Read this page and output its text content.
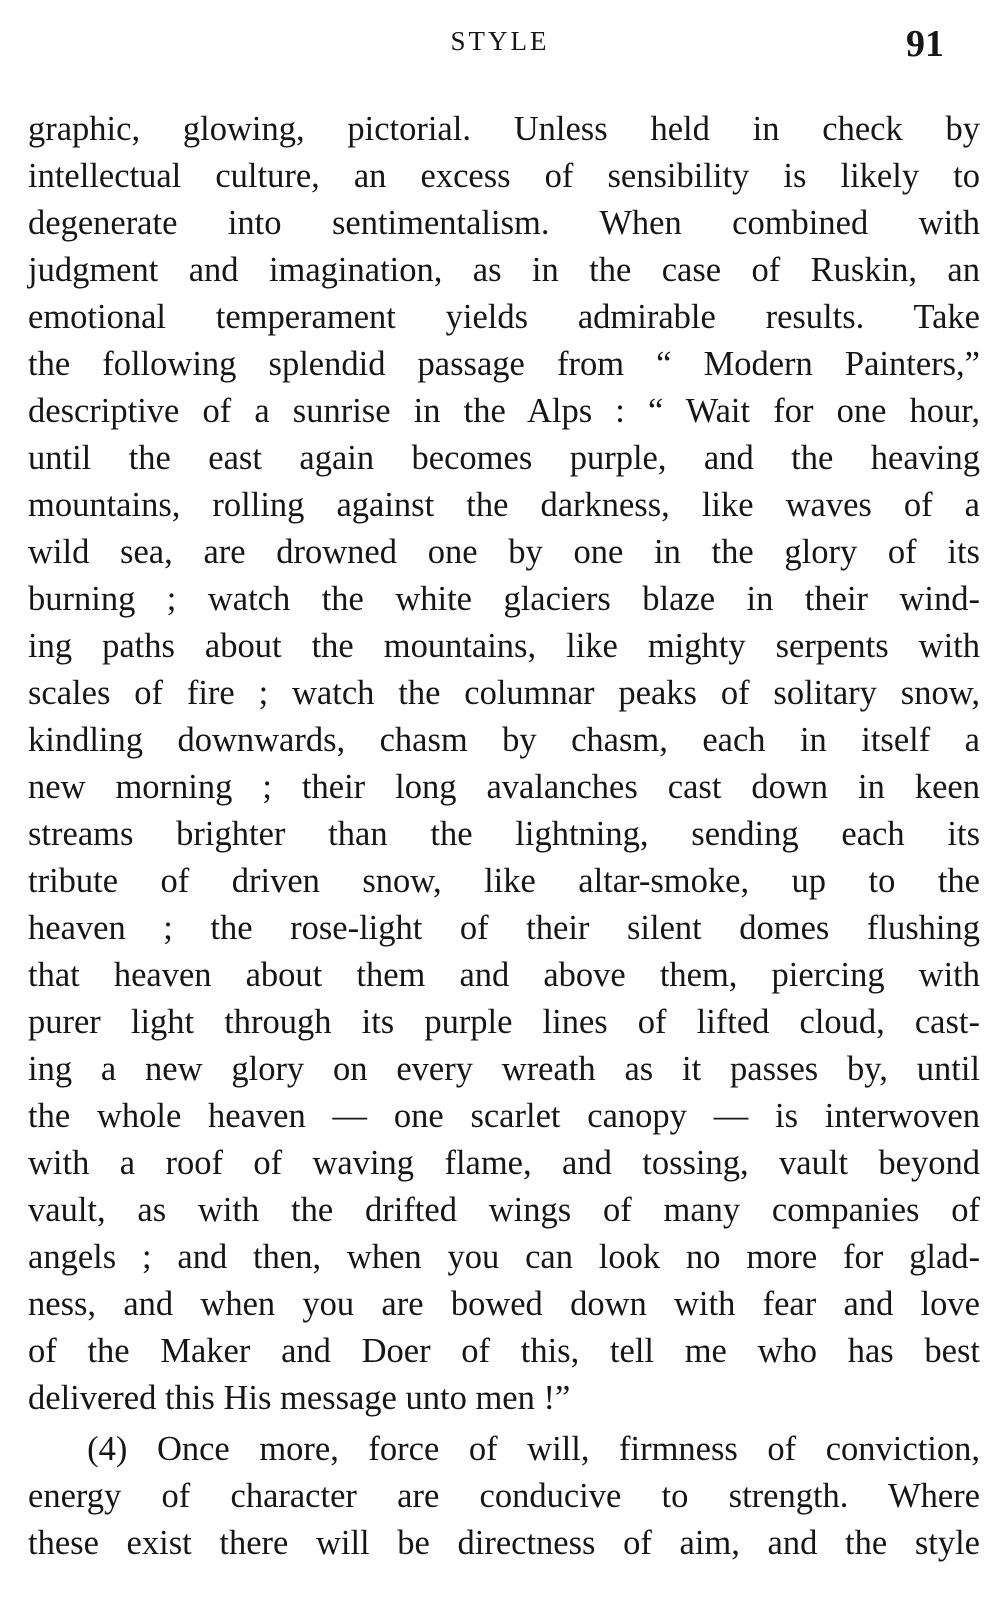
STYLE	91
graphic, glowing, pictorial. Unless held in check by
intellectual culture, an excess of sensibility is likely to
degenerate into sentimentalism. When combined with
judgment and imagination, as in the case of Ruskin, an
emotional temperament yields admirable results. Take
the following splendid passage from “ Modern Painters,”
descriptive of a sunrise in the Alps : “ Wait for one hour,
until the east again becomes purple, and the heaving
mountains, rolling against the darkness, like waves of a
wild sea, are drowned one by one in the glory of its
burning ; watch the white glaciers blaze in their wind-
ing paths about the mountains, like mighty serpents with
scales of fire ; watch the columnar peaks of solitary snow,
kindling downwards, chasm by chasm, each in itself a
new morning ; their long avalanches cast down in keen
streams brighter than the lightning, sending each its
tribute of driven snow, like altar-smoke, up to the
heaven ; the rose-light of their silent domes flushing
that heaven about them and above them, piercing with
purer light through its purple lines of lifted cloud, cast-
ing a new glory on every wreath as it passes by, until
the whole heaven — one scarlet canopy — is interwoven
with a roof of waving flame, and tossing, vault beyond
vault, as with the drifted wings of many companies of
angels ; and then, when you can look no more for glad-
ness, and when you are bowed down with fear and love
of the Maker and Doer of this, tell me who has best
delivered this His message unto men !”
(4) Once more, force of will, firmness of conviction,
energy of character are conducive to strength. Where
these exist there will be directness of aim, and the style
